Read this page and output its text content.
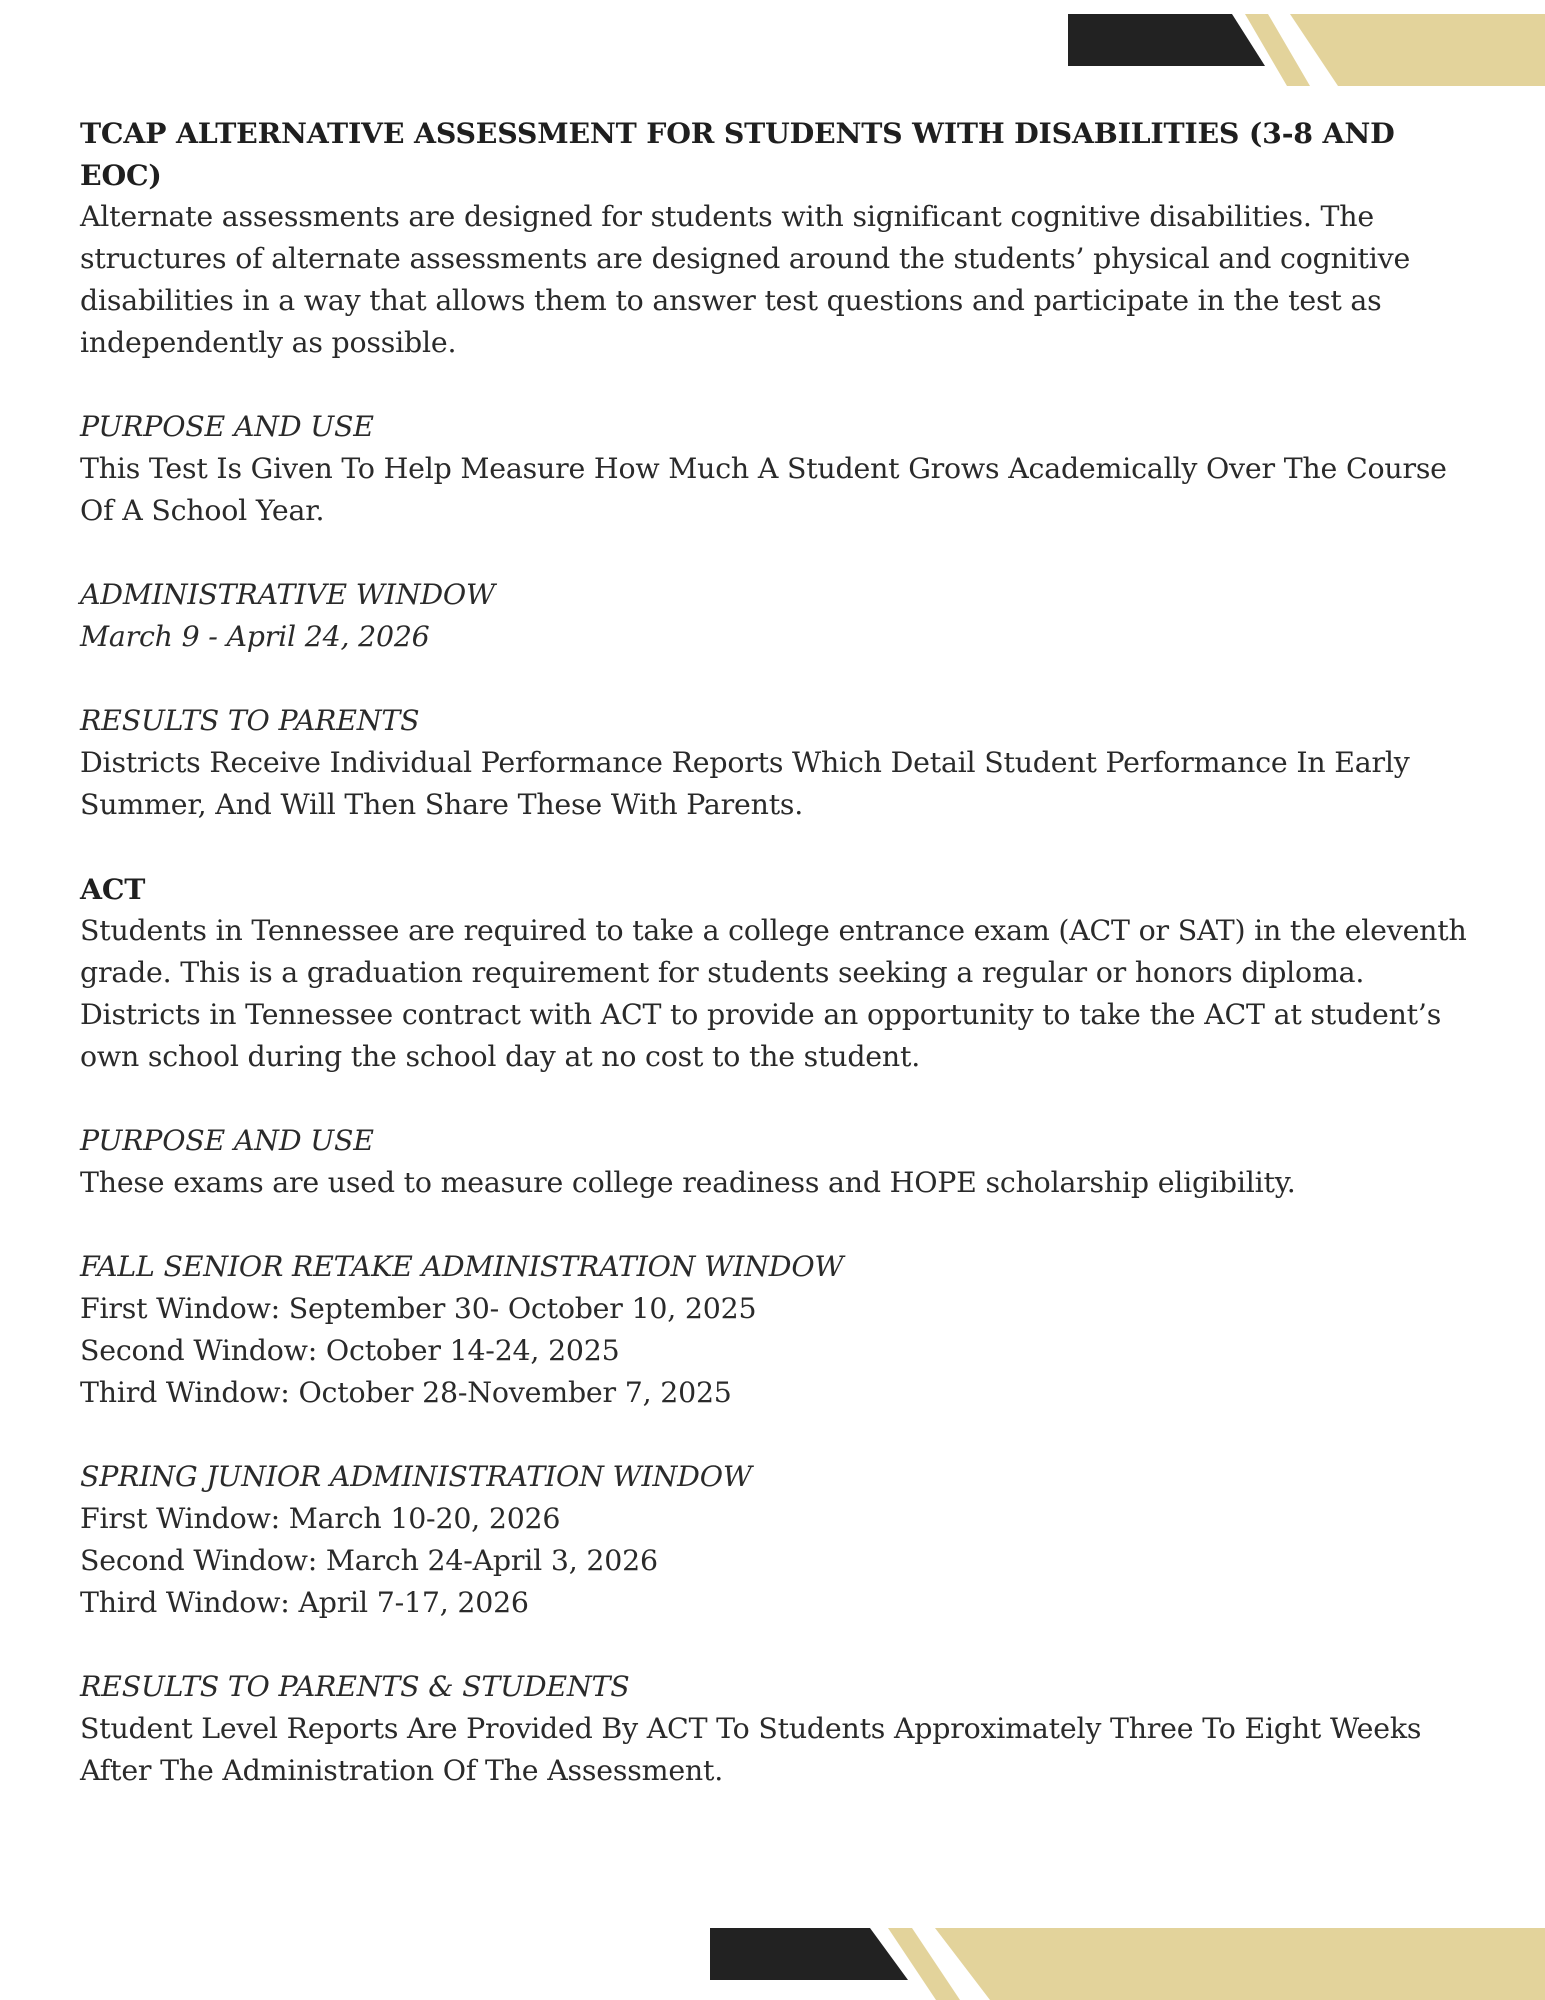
TCAP ALTERNATIVE ASSESSMENT FOR STUDENTS WITH DISABILITIES (3-8 AND EOC)

Alternate assessments are designed for students with significant cognitive disabilities. The structures of alternate assessments are designed around the students’ physical and cognitive disabilities in a way that allows them to answer test questions and participate in the test as independently as possible.

PURPOSE AND USE

This Test Is Given To Help Measure How Much A Student Grows Academically Over The Course Of A School Year.

ADMINISTRATIVE WINDOW

March 9 - April 24, 2026

RESULTS TO PARENTS

Districts Receive Individual Performance Reports Which Detail Student Performance In Early Summer, And Will Then Share These With Parents.

ACT

Students in Tennessee are required to take a college entrance exam (ACT or SAT) in the eleventh grade. This is a graduation requirement for students seeking a regular or honors diploma. Districts in Tennessee contract with ACT to provide an opportunity to take the ACT at student’s own school during the school day at no cost to the student.

PURPOSE AND USE

These exams are used to measure college readiness and HOPE scholarship eligibility.

FALL SENIOR RETAKE ADMINISTRATION WINDOW

First Window: September 30- October 10, 2025

Second Window: October 14-24, 2025

Third Window: October 28-November 7, 2025

SPRING JUNIOR ADMINISTRATION WINDOW

First Window: March 10-20, 2026

Second Window: March 24-April 3, 2026

Third Window: April 7-17, 2026

RESULTS TO PARENTS & STUDENTS

Student Level Reports Are Provided By ACT To Students Approximately Three To Eight Weeks After The Administration Of The Assessment.
